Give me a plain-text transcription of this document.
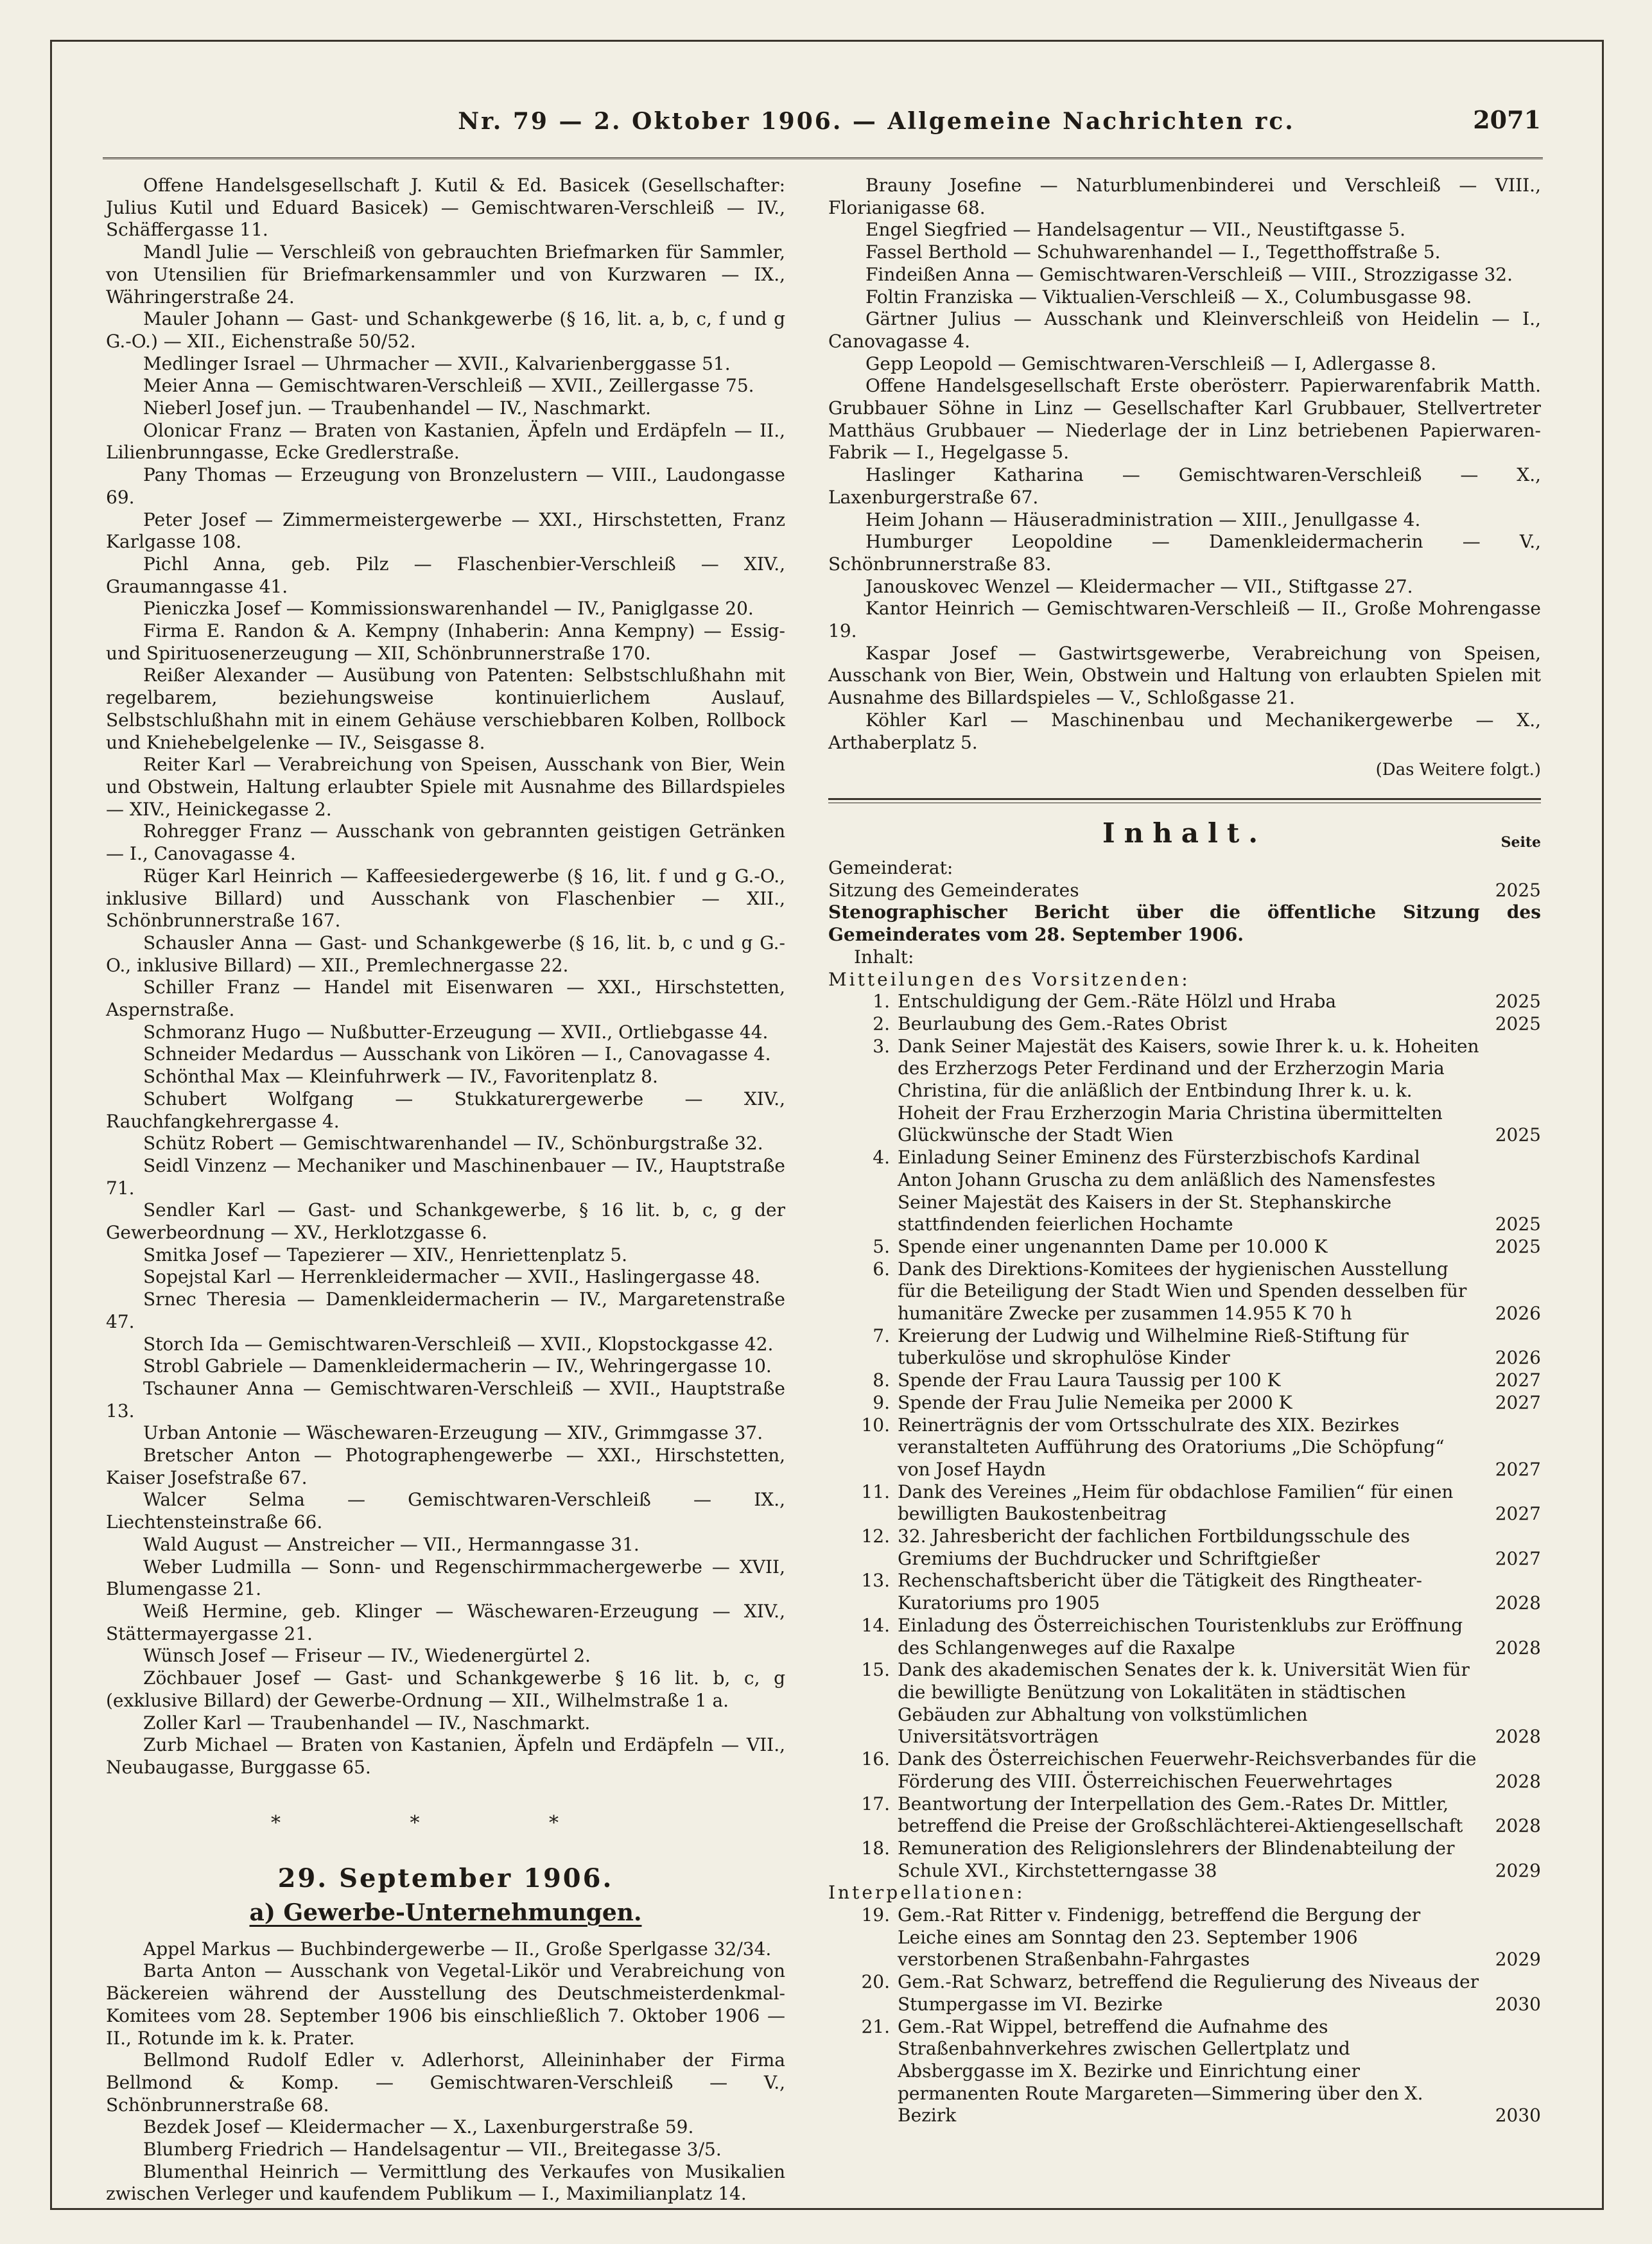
Nr. 79 — 2. Oktober 1906. — Allgemeine Nachrichten rc.	2071

Offene Handelsgesellschaft J. Kutil & Ed. Basicek (Gesellschafter: Julius Kutil und Eduard Basicek) — Gemischtwaren-Verschleiß — IV., Schäffergasse 11.

Mandl Julie — Verschleiß von gebrauchten Briefmarken für Sammler, von Utensilien für Briefmarkensammler und von Kurzwaren — IX., Währingerstraße 24.

Mauler Johann — Gast- und Schankgewerbe (§ 16, lit. a, b, c, f und g G.-O.) — XII., Eichenstraße 50/52.

Medlinger Israel — Uhrmacher — XVII., Kalvarienberggasse 51.

Meier Anna — Gemischtwaren-Verschleiß — XVII., Zeillergasse 75.

Nieberl Josef jun. — Traubenhandel — IV., Naschmarkt.

Olonicar Franz — Braten von Kastanien, Äpfeln und Erdäpfeln — II., Lilienbrunngasse, Ecke Gredlerstraße.

Pany Thomas — Erzeugung von Bronzelustern — VIII., Laudongasse 69.

Peter Josef — Zimmermeistergewerbe — XXI., Hirschstetten, Franz Karlgasse 108.

Pichl Anna, geb. Pilz — Flaschenbier-Verschleiß — XIV., Graumanngasse 41.

Pieniczka Josef — Kommissionswarenhandel — IV., Paniglgasse 20.

Firma E. Randon & A. Kempny (Inhaberin: Anna Kempny) — Essig- und Spirituosenerzeugung — XII, Schönbrunnerstraße 170.

Reißer Alexander — Ausübung von Patenten: Selbstschlußhahn mit regelbarem, beziehungsweise kontinuierlichem Auslauf, Selbstschlußhahn mit in einem Gehäuse verschiebbaren Kolben, Rollbock und Kniehebelgelenke — IV., Seisgasse 8.

Reiter Karl — Verabreichung von Speisen, Ausschank von Bier, Wein und Obstwein, Haltung erlaubter Spiele mit Ausnahme des Billardspieles — XIV., Heinickegasse 2.

Rohregger Franz — Ausschank von gebrannten geistigen Getränken — I., Canovagasse 4.

Rüger Karl Heinrich — Kaffeesiedergewerbe (§ 16, lit. f und g G.-O., inklusive Billard) und Ausschank von Flaschenbier — XII., Schönbrunnerstraße 167.

Schausler Anna — Gast- und Schankgewerbe (§ 16, lit. b, c und g G.-O., inklusive Billard) — XII., Premlechnergasse 22.

Schiller Franz — Handel mit Eisenwaren — XXI., Hirschstetten, Aspernstraße.

Schmoranz Hugo — Nußbutter-Erzeugung — XVII., Ortliebgasse 44.

Schneider Medardus — Ausschank von Likören — I., Canovagasse 4.

Schönthal Max — Kleinfuhrwerk — IV., Favoritenplatz 8.

Schubert Wolfgang — Stukkaturergewerbe — XIV., Rauchfangkehrergasse 4.

Schütz Robert — Gemischtwarenhandel — IV., Schönburgstraße 32.

Seidl Vinzenz — Mechaniker und Maschinenbauer — IV., Hauptstraße 71.

Sendler Karl — Gast- und Schankgewerbe, § 16 lit. b, c, g der Gewerbeordnung — XV., Herklotzgasse 6.

Smitka Josef — Tapezierer — XIV., Henriettenplatz 5.

Sopejstal Karl — Herrenkleidermacher — XVII., Haslingergasse 48.

Srnec Theresia — Damenkleidermacherin — IV., Margaretenstraße 47.

Storch Ida — Gemischtwaren-Verschleiß — XVII., Klopstockgasse 42.

Strobl Gabriele — Damenkleidermacherin — IV., Wehringergasse 10.

Tschauner Anna — Gemischtwaren-Verschleiß — XVII., Hauptstraße 13.

Urban Antonie — Wäschewaren-Erzeugung — XIV., Grimmgasse 37.

Bretscher Anton — Photographengewerbe — XXI., Hirschstetten, Kaiser Josefstraße 67.

Walcer Selma — Gemischtwaren-Verschleiß — IX., Liechtensteinstraße 66.

Wald August — Anstreicher — VII., Hermanngasse 31.

Weber Ludmilla — Sonn- und Regenschirmmachergewerbe — XVII, Blumengasse 21.

Weiß Hermine, geb. Klinger — Wäschewaren-Erzeugung — XIV., Stättermayergasse 21.

Wünsch Josef — Friseur — IV., Wiedenergürtel 2.

Zöchbauer Josef — Gast- und Schankgewerbe § 16 lit. b, c, g (exklusive Billard) der Gewerbe-Ordnung — XII., Wilhelmstraße 1 a.

Zoller Karl — Traubenhandel — IV., Naschmarkt.

Zurb Michael — Braten von Kastanien, Äpfeln und Erdäpfeln — VII., Neubaugasse, Burggasse 65.

* * *
29. September 1906.
a) Gewerbe-Unternehmungen.

Appel Markus — Buchbindergewerbe — II., Große Sperlgasse 32/34.

Barta Anton — Ausschank von Vegetal-Likör und Verabreichung von Bäckereien während der Ausstellung des Deutschmeisterdenkmal-Komitees vom 28. September 1906 bis einschließlich 7. Oktober 1906 — II., Rotunde im k. k. Prater.

Bellmond Rudolf Edler v. Adlerhorst, Alleininhaber der Firma Bellmond & Komp. — Gemischtwaren-Verschleiß — V., Schönbrunnerstraße 68.

Bezdek Josef — Kleidermacher — X., Laxenburgerstraße 59.

Blumberg Friedrich — Handelsagentur — VII., Breitegasse 3/5.

Blumenthal Heinrich — Vermittlung des Verkaufes von Musikalien zwischen Verleger und kaufendem Publikum — I., Maximilianplatz 14.

Brauny Josefine — Naturblumenbinderei und Verschleiß — VIII., Florianigasse 68.

Engel Siegfried — Handelsagentur — VII., Neustiftgasse 5.

Fassel Berthold — Schuhwarenhandel — I., Tegetthoffstraße 5.

Findeißen Anna — Gemischtwaren-Verschleiß — VIII., Strozzigasse 32.

Foltin Franziska — Viktualien-Verschleiß — X., Columbusgasse 98.

Gärtner Julius — Ausschank und Kleinverschleiß von Heidelin — I., Canovagasse 4.

Gepp Leopold — Gemischtwaren-Verschleiß — I, Adlergasse 8.

Offene Handelsgesellschaft Erste oberösterr. Papierwarenfabrik Matth. Grubbauer Söhne in Linz — Gesellschafter Karl Grubbauer, Stellvertreter Matthäus Grubbauer — Niederlage der in Linz betriebenen Papierwaren-Fabrik — I., Hegelgasse 5.

Haslinger Katharina — Gemischtwaren-Verschleiß — X., Laxenburgerstraße 67.

Heim Johann — Häuseradministration — XIII., Jenullgasse 4.

Humburger Leopoldine — Damenkleidermacherin — V., Schönbrunnerstraße 83.

Janouskovec Wenzel — Kleidermacher — VII., Stiftgasse 27.

Kantor Heinrich — Gemischtwaren-Verschleiß — II., Große Mohrengasse 19.

Kaspar Josef — Gastwirtsgewerbe, Verabreichung von Speisen, Ausschank von Bier, Wein, Obstwein und Haltung von erlaubten Spielen mit Ausnahme des Billardspieles — V., Schloßgasse 21.

Köhler Karl — Maschinenbau und Mechanikergewerbe — X., Arthaberplatz 5.

(Das Weitere folgt.)

Inhalt.	Seite

Gemeinderat:

Sitzung des Gemeinderates	2025

Stenographischer Bericht über die öffentliche Sitzung des Gemeinderates vom 28. September 1906.

Inhalt:

Mitteilungen des Vorsitzenden:

1. Entschuldigung der Gem.-Räte Hölzl und Hraba	2025
2. Beurlaubung des Gem.-Rates Obrist	2025
3. Dank Seiner Majestät des Kaisers, sowie Ihrer k. u. k. Hoheiten des Erzherzogs Peter Ferdinand und der Erzherzogin Maria Christina, für die anläßlich der Entbindung Ihrer k. u. k. Hoheit der Frau Erzherzogin Maria Christina übermittelten Glückwünsche der Stadt Wien	2025
4. Einladung Seiner Eminenz des Fürsterzbischofs Kardinal Anton Johann Gruscha zu dem anläßlich des Namensfestes Seiner Majestät des Kaisers in der St. Stephanskirche stattfindenden feierlichen Hochamte	2025
5. Spende einer ungenannten Dame per 10.000 K	2025
6. Dank des Direktions-Komitees der hygienischen Ausstellung für die Beteiligung der Stadt Wien und Spenden desselben für humanitäre Zwecke per zusammen 14.955 K 70 h	2026
7. Kreierung der Ludwig und Wilhelmine Rieß-Stiftung für tuberkulöse und skrophulöse Kinder	2026
8. Spende der Frau Laura Taussig per 100 K	2027
9. Spende der Frau Julie Nemeika per 2000 K	2027
10. Reinerträgnis der vom Ortsschulrate des XIX. Bezirkes veranstalteten Aufführung des Oratoriums „Die Schöpfung“ von Josef Haydn	2027
11. Dank des Vereines „Heim für obdachlose Familien“ für einen bewilligten Baukostenbeitrag	2027
12. 32. Jahresbericht der fachlichen Fortbildungsschule des Gremiums der Buchdrucker und Schriftgießer	2027
13. Rechenschaftsbericht über die Tätigkeit des Ringtheater-Kuratoriums pro 1905	2028
14. Einladung des Österreichischen Touristenklubs zur Eröffnung des Schlangenweges auf die Raxalpe	2028
15. Dank des akademischen Senates der k. k. Universität Wien für die bewilligte Benützung von Lokalitäten in städtischen Gebäuden zur Abhaltung von volkstümlichen Universitätsvorträgen	2028
16. Dank des Österreichischen Feuerwehr-Reichsverbandes für die Förderung des VIII. Österreichischen Feuerwehrtages	2028
17. Beantwortung der Interpellation des Gem.-Rates Dr. Mittler, betreffend die Preise der Großschlächterei-Aktiengesellschaft	2028
18. Remuneration des Religionslehrers der Blindenabteilung der Schule XVI., Kirchstetterngasse 38	2029

Interpellationen:

19. Gem.-Rat Ritter v. Findenigg, betreffend die Bergung der Leiche eines am Sonntag den 23. September 1906 verstorbenen Straßenbahn-Fahrgastes	2029
20. Gem.-Rat Schwarz, betreffend die Regulierung des Niveaus der Stumpergasse im VI. Bezirke	2030
21. Gem.-Rat Wippel, betreffend die Aufnahme des Straßenbahnverkehres zwischen Gellertplatz und Absberggasse im X. Bezirke und Einrichtung einer permanenten Route Margareten—Simmering über den X. Bezirk	2030
